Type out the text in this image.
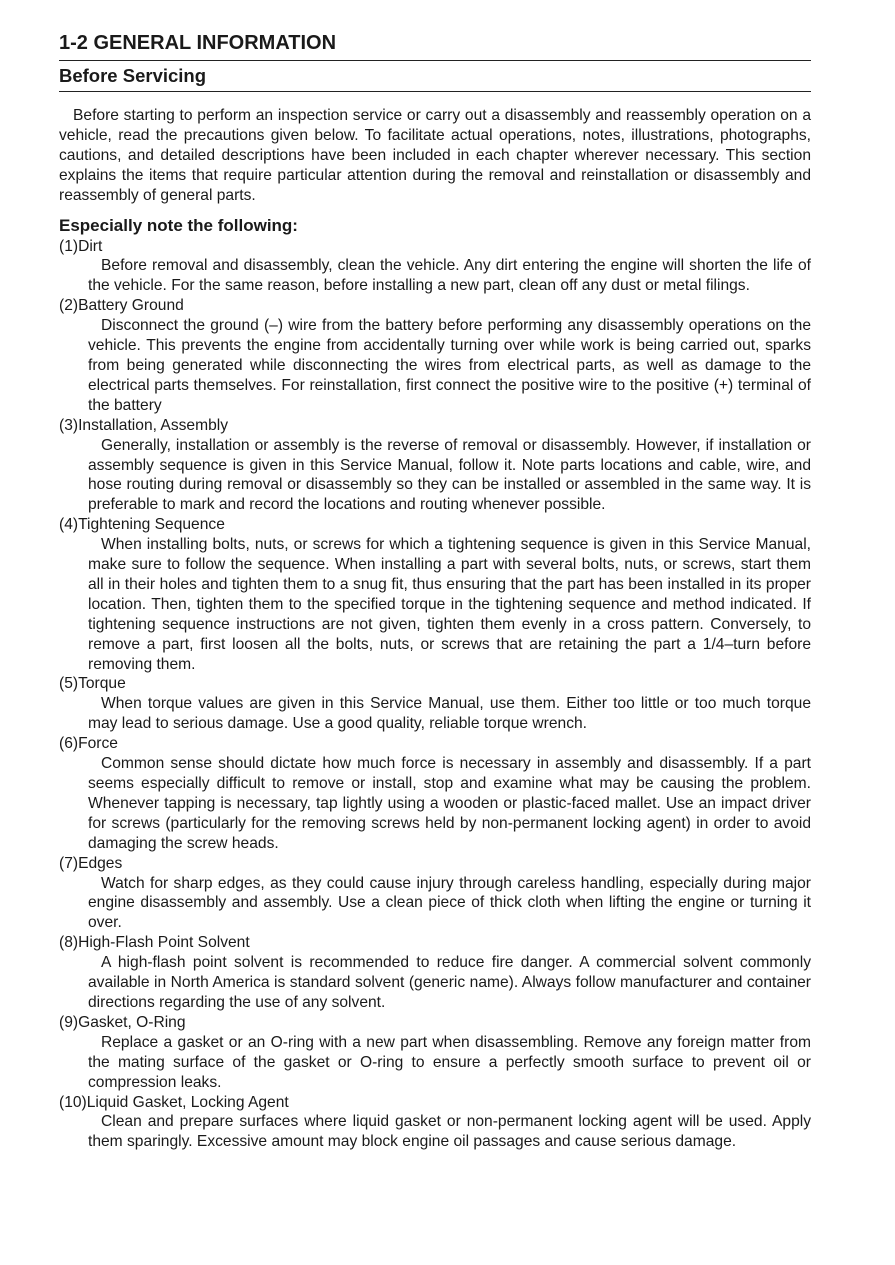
1-2 GENERAL INFORMATION
Before Servicing

Before starting to perform an inspection service or carry out a disassembly and reassembly operation on a vehicle, read the precautions given below. To facilitate actual operations, notes, illustrations, photographs, cautions, and detailed descriptions have been included in each chapter wherever necessary. This section explains the items that require particular attention during the removal and reinstallation or disassembly and reassembly of general parts.

Especially note the following:
(1)Dirt

Before removal and disassembly, clean the vehicle. Any dirt entering the engine will shorten the life of the vehicle. For the same reason, before installing a new part, clean off any dust or metal filings.

(2)Battery Ground

Disconnect the ground (–) wire from the battery before performing any disassembly operations on the vehicle. This prevents the engine from accidentally turning over while work is being carried out, sparks from being generated while disconnecting the wires from electrical parts, as well as damage to the electrical parts themselves. For reinstallation, first connect the positive wire to the positive (+) terminal of the battery

(3)Installation, Assembly

Generally, installation or assembly is the reverse of removal or disassembly. However, if installation or assembly sequence is given in this Service Manual, follow it. Note parts locations and cable, wire, and hose routing during removal or disassembly so they can be installed or assembled in the same way. It is preferable to mark and record the locations and routing whenever possible.

(4)Tightening Sequence

When installing bolts, nuts, or screws for which a tightening sequence is given in this Service Manual, make sure to follow the sequence. When installing a part with several bolts, nuts, or screws, start them all in their holes and tighten them to a snug fit, thus ensuring that the part has been installed in its proper location. Then, tighten them to the specified torque in the tightening sequence and method indicated. If tightening sequence instructions are not given, tighten them evenly in a cross pattern. Conversely, to remove a part, first loosen all the bolts, nuts, or screws that are retaining the part a 1/4–turn before removing them.

(5)Torque

When torque values are given in this Service Manual, use them. Either too little or too much torque may lead to serious damage. Use a good quality, reliable torque wrench.

(6)Force

Common sense should dictate how much force is necessary in assembly and disassembly. If a part seems especially difficult to remove or install, stop and examine what may be causing the problem. Whenever tapping is necessary, tap lightly using a wooden or plastic-faced mallet. Use an impact driver for screws (particularly for the removing screws held by non-permanent locking agent) in order to avoid damaging the screw heads.

(7)Edges

Watch for sharp edges, as they could cause injury through careless handling, especially during major engine disassembly and assembly. Use a clean piece of thick cloth when lifting the engine or turning it over.

(8)High-Flash Point Solvent

A high-flash point solvent is recommended to reduce fire danger. A commercial solvent commonly available in North America is standard solvent (generic name). Always follow manufacturer and container directions regarding the use of any solvent.

(9)Gasket, O-Ring

Replace a gasket or an O-ring with a new part when disassembling. Remove any foreign matter from the mating surface of the gasket or O-ring to ensure a perfectly smooth surface to prevent oil or compression leaks.

(10)Liquid Gasket, Locking Agent

Clean and prepare surfaces where liquid gasket or non-permanent locking agent will be used. Apply them sparingly. Excessive amount may block engine oil passages and cause serious damage.
